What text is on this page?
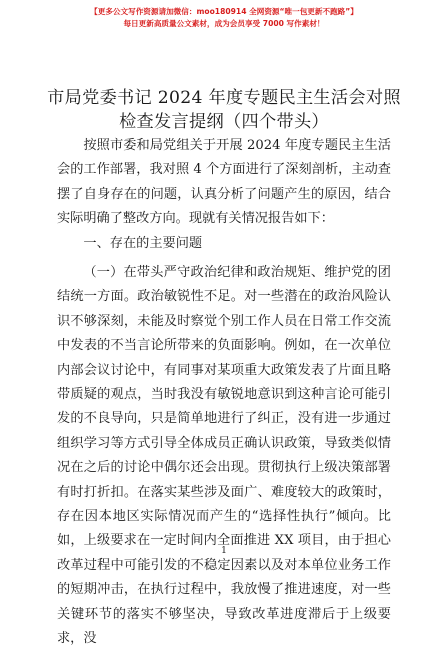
【更多公文写作资源请加微信：moo180914 全网资源“唯一包更新不跑路”】
每日更新高质量公文素材，成为会员享受 7000 写作素材！
市局党委书记 2024 年度专题民主生活会对照检查发言提纲（四个带头）
按照市委和局党组关于开展 2024 年度专题民主生活会的工作部署，我对照 4 个方面进行了深刻剖析，主动查摆了自身存在的问题，认真分析了问题产生的原因，结合实际明确了整改方向。现就有关情况报告如下：
一、存在的主要问题
（一）在带头严守政治纪律和政治规矩、维护党的团结统一方面。政治敏锐性不足。对一些潜在的政治风险认识不够深刻，未能及时察觉个别工作人员在日常工作交流中发表的不当言论所带来的负面影响。例如，在一次单位内部会议讨论中，有同事对某项重大政策发表了片面且略带质疑的观点，当时我没有敏锐地意识到这种言论可能引发的不良导向，只是简单地进行了纠正，没有进一步通过组织学习等方式引导全体成员正确认识政策，导致类似情况在之后的讨论中偶尔还会出现。贯彻执行上级决策部署有时打折扣。在落实某些涉及面广、难度较大的政策时，存在因本地区实际情况而产生的“选择性执行”倾向。比如，上级要求在一定时间内全面推进 XX 项目，由于担心改革过程中可能引发的不稳定因素以及对本单位业务工作的短期冲击，在执行过程中，我放慢了推进速度，对一些关键环节的落实不够坚决，导致改革进度滞后于上级要求，没
1
